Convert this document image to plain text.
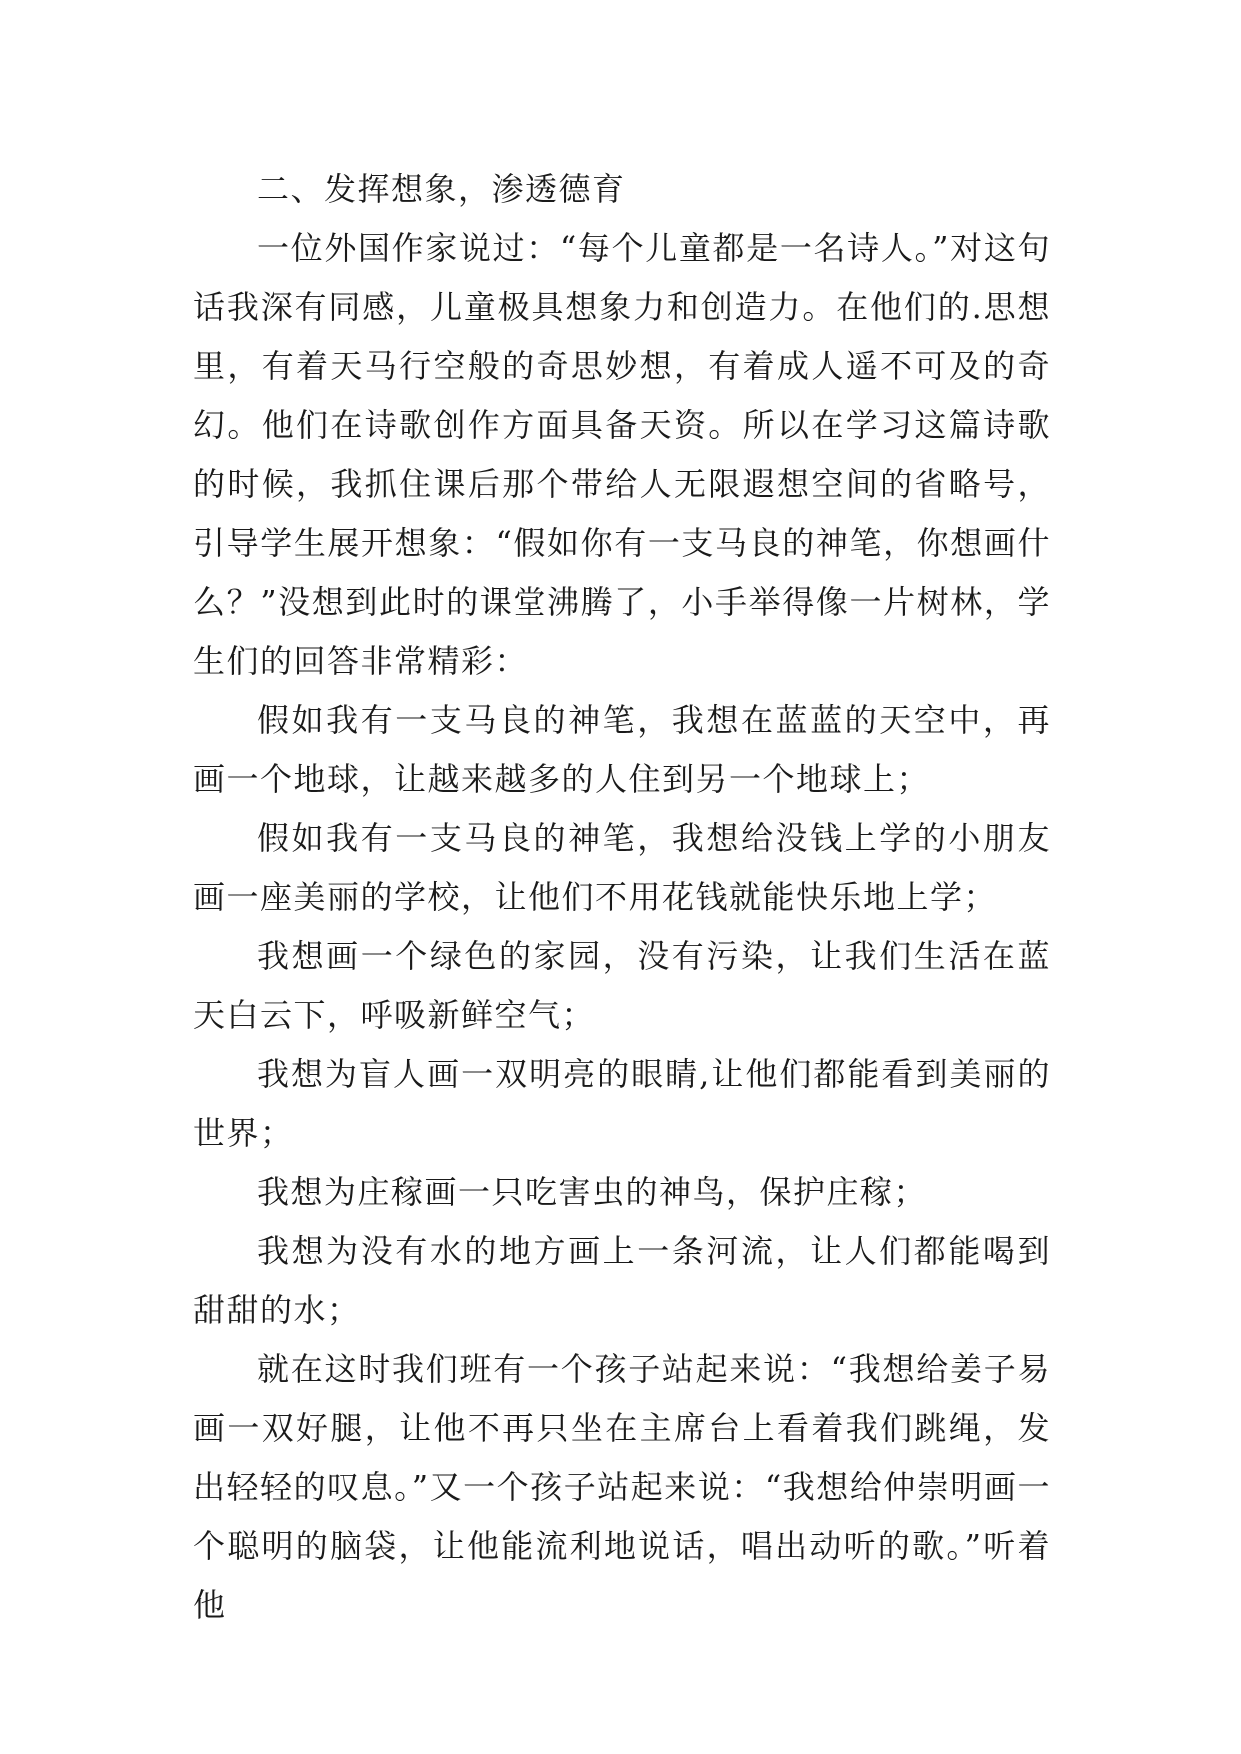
二、发挥想象，渗透德育

一位外国作家说过：“每个儿童都是一名诗人。”对这句话我深有同感，儿童极具想象力和创造力。在他们的.思想里，有着天马行空般的奇思妙想，有着成人遥不可及的奇幻。他们在诗歌创作方面具备天资。所以在学习这篇诗歌的时候，我抓住课后那个带给人无限遐想空间的省略号，引导学生展开想象：“假如你有一支马良的神笔，你想画什么？”没想到此时的课堂沸腾了，小手举得像一片树林，学生们的回答非常精彩：

假如我有一支马良的神笔，我想在蓝蓝的天空中，再画一个地球，让越来越多的人住到另一个地球上；

假如我有一支马良的神笔，我想给没钱上学的小朋友画一座美丽的学校，让他们不用花钱就能快乐地上学；

我想画一个绿色的家园，没有污染，让我们生活在蓝天白云下，呼吸新鲜空气；

我想为盲人画一双明亮的眼睛,让他们都能看到美丽的世界；

我想为庄稼画一只吃害虫的神鸟，保护庄稼；

我想为没有水的地方画上一条河流，让人们都能喝到甜甜的水；

就在这时我们班有一个孩子站起来说：“我想给姜子易画一双好腿，让他不再只坐在主席台上看着我们跳绳，发出轻轻的叹息。”又一个孩子站起来说：“我想给仲崇明画一个聪明的脑袋，让他能流利地说话，唱出动听的歌。”听着他
